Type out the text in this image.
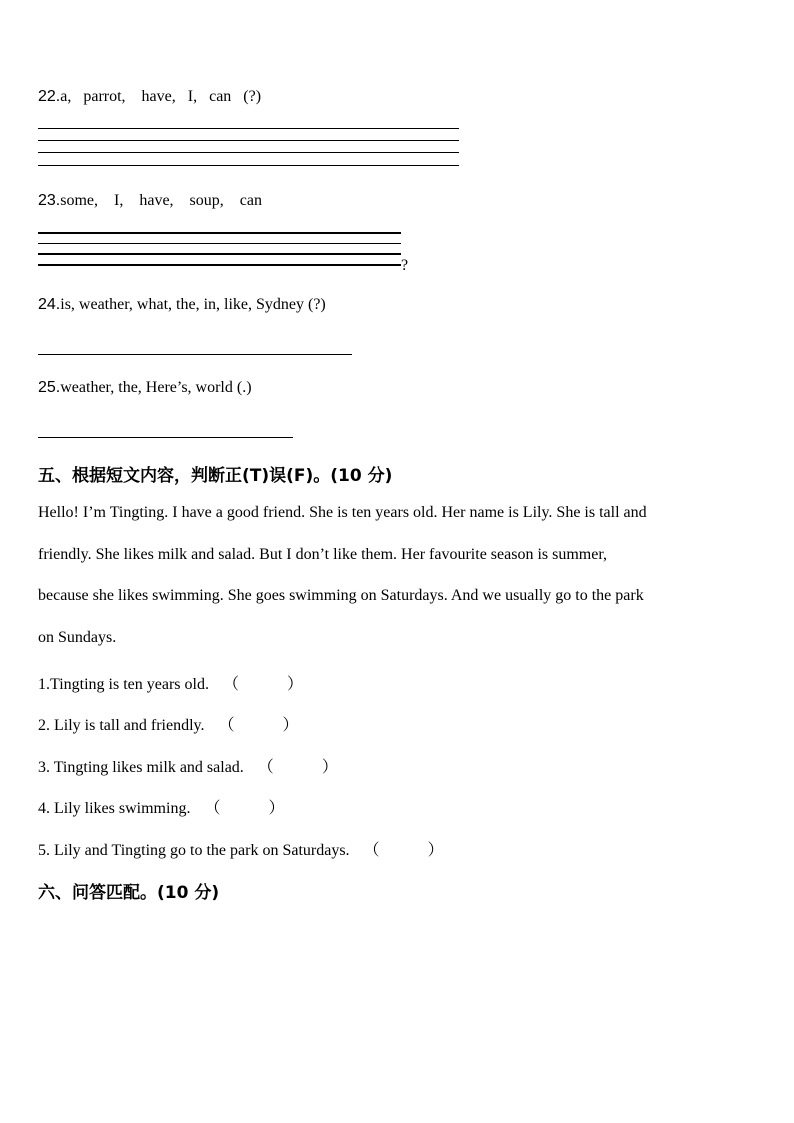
22.a,   parrot,    have,   I,   can   (?)
23.some,    I,    have,    soup,    can
?
24.is, weather, what, the, in, like, Sydney (?)
25.weather, the, Here’s, world (.)
五、根据短文内容，判断正(T)误(F)。(10 分)
Hello! I’m Tingting. I have a good friend. She is ten years old. Her name is Lily. She is tall and
friendly. She likes milk and salad. But I don’t like them. Her favourite season is summer,
because she likes swimming. She goes swimming on Saturdays. And we usually go to the park
on Sundays.
1.Tingting is ten years old. （	）
2. Lily is tall and friendly. （	）
3. Tingting likes milk and salad. （	）
4. Lily likes swimming. （	）
5. Lily and Tingting go to the park on Saturdays. （	）
六、问答匹配。(10 分)
